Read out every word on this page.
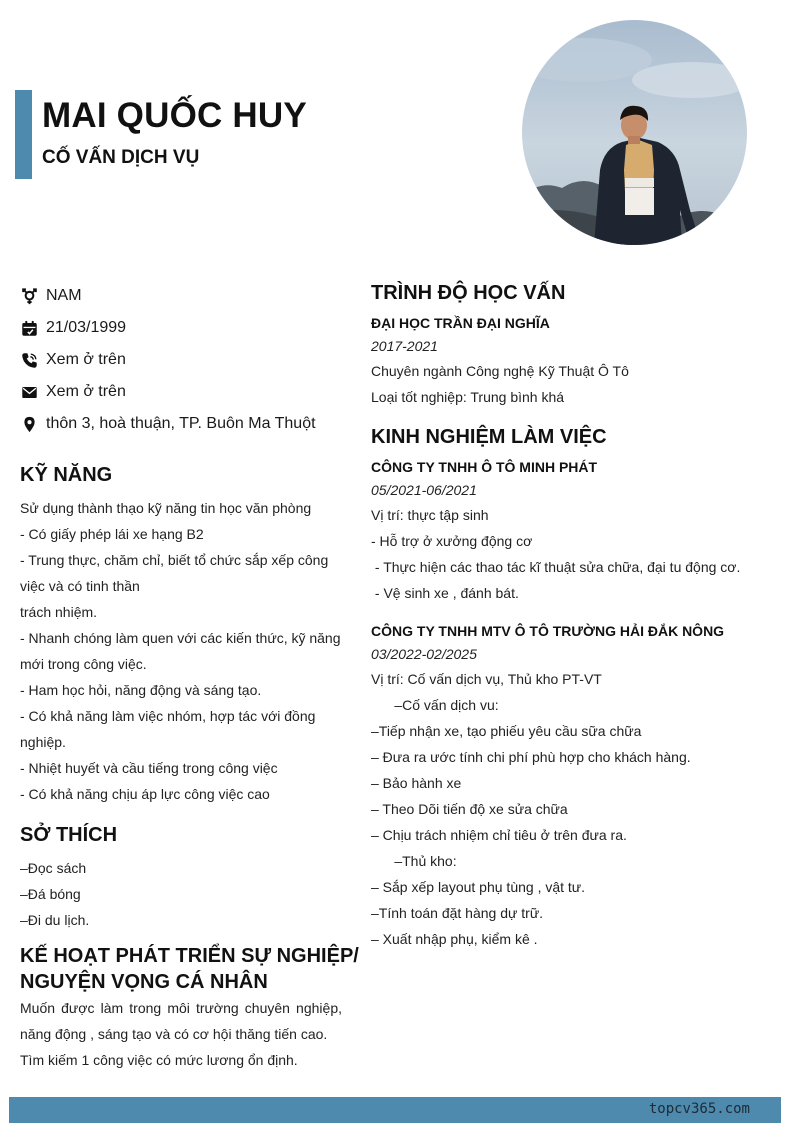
MAI QUỐC HUY
CỐ VẤN DỊCH VỤ
NAM
21/03/1999
Xem ở trên
Xem ở trên
thôn 3, hoà thuận, TP. Buôn Ma Thuột
KỸ NĂNG
Sử dụng thành thạo kỹ năng tin học văn phòng
- Có giấy phép lái xe hạng B2
- Trung thực, chăm chỉ, biết tổ chức sắp xếp công
việc và có tinh thần
trách nhiệm.
- Nhanh chóng làm quen với các kiến thức, kỹ năng
mới trong công việc.
- Ham học hỏi, năng động và sáng tạo.
- Có khả năng làm việc nhóm, hợp tác với đồng
nghiệp.
- Nhiệt huyết và cầu tiếng trong công việc
- Có khả năng chịu áp lực công việc cao
SỞ THÍCH
–Đọc sách
–Đá bóng
–Đi du lịch.
KẾ HOẠT PHÁT TRIỂN SỰ NGHIỆP/
NGUYỆN VỌNG CÁ NHÂN
Muốn được làm trong môi trường chuyên nghiệp,
năng động , sáng tạo và có cơ hội thăng tiến cao.
Tìm kiếm 1 công việc có mức lương ổn định.
TRÌNH ĐỘ HỌC VẤN
ĐẠI HỌC TRẦN ĐẠI NGHĨA
2017-2021
Chuyên ngành Công nghệ Kỹ Thuật Ô Tô
Loại tốt nghiệp: Trung bình khá
KINH NGHIỆM LÀM VIỆC
CÔNG TY TNHH Ô TÔ MINH PHÁT
05/2021-06/2021
Vị trí: thực tập sinh
- Hỗ trợ ở xưởng động cơ
- Thực hiện các thao tác kĩ thuật sửa chữa, đại tu động cơ.
- Vệ sinh xe , đánh bát.
CÔNG TY TNHH MTV Ô TÔ TRƯỜNG HẢI ĐẮK NÔNG
03/2022-02/2025
Vị trí: Cố vấn dịch vụ, Thủ kho PT-VT
–Cố vấn dịch vu:
–Tiếp nhận xe, tạo phiếu yêu cầu sữa chữa
– Đưa ra ước tính chi phí phù hợp cho khách hàng.
– Bảo hành xe
– Theo Dõi tiến độ xe sửa chữa
– Chịu trách nhiệm chỉ tiêu ở trên đưa ra.
–Thủ kho:
– Sắp xếp layout phụ tùng , vật tư.
–Tính toán đặt hàng dự trữ.
– Xuất nhập phụ, kiểm kê .
topcv365.com
